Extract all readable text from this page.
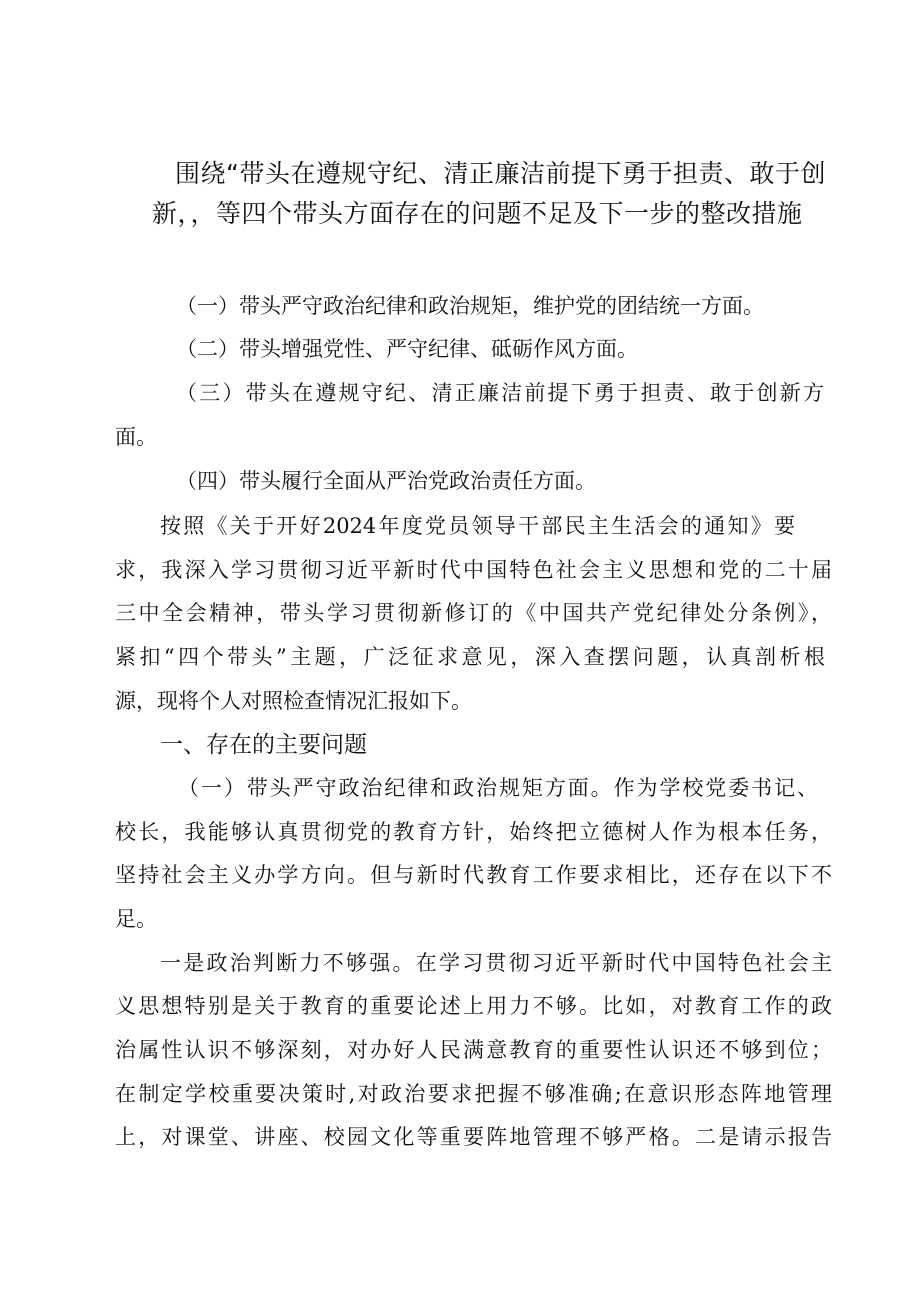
围绕“带头在遵规守纪、清正廉洁前提下勇于担责、敢于创
新，，等四个带头方面存在的问题不足及下一步的整改措施
（一）带头严守政治纪律和政治规矩，维护党的团结统一方面。
（二）带头增强党性、严守纪律、砥砺作风方面。
（三）带头在遵规守纪、清正廉洁前提下勇于担责、敢于创新方
面。
（四）带头履行全面从严治党政治责任方面。
按照《关于开好2024年度党员领导干部民主生活会的通知》要
求，我深入学习贯彻习近平新时代中国特色社会主义思想和党的二十届
三中全会精神，带头学习贯彻新修订的《中国共产党纪律处分条例》，
紧扣“四个带头”主题，广泛征求意见，深入查摆问题，认真剖析根
源，现将个人对照检查情况汇报如下。
一、存在的主要问题
（一）带头严守政治纪律和政治规矩方面。作为学校党委书记、
校长，我能够认真贯彻党的教育方针，始终把立德树人作为根本任务，
坚持社会主义办学方向。但与新时代教育工作要求相比，还存在以下不
足。
一是政治判断力不够强。在学习贯彻习近平新时代中国特色社会主
义思想特别是关于教育的重要论述上用力不够。比如，对教育工作的政
治属性认识不够深刻，对办好人民满意教育的重要性认识还不够到位；
在制定学校重要决策时,对政治要求把握不够准确;在意识形态阵地管理
上，对课堂、讲座、校园文化等重要阵地管理不够严格。二是请示报告
